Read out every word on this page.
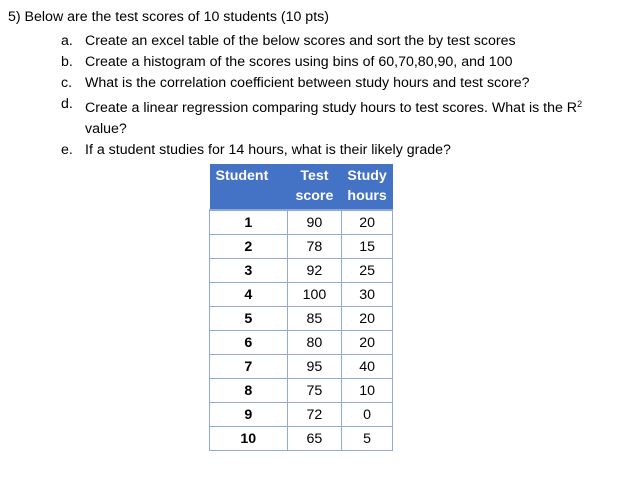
5) Below are the test scores of 10 students (10 pts)
a. Create an excel table of the below scores and sort the by test scores
b. Create a histogram of the scores using bins of 60,70,80,90, and 100
c. What is the correlation coefficient between study hours and test score?
d. Create a linear regression comparing study hours to test scores. What is the $R^2$
value?
e. If a student studies for 14 hours, what is their likely grade?
Student	Test	Study
	score	hours
1	90	20
2	78	15
3	92	25
4	100	30
5	85	20
6	80	20
7	95	40
8	75	10
9	72	0
10	65	5
